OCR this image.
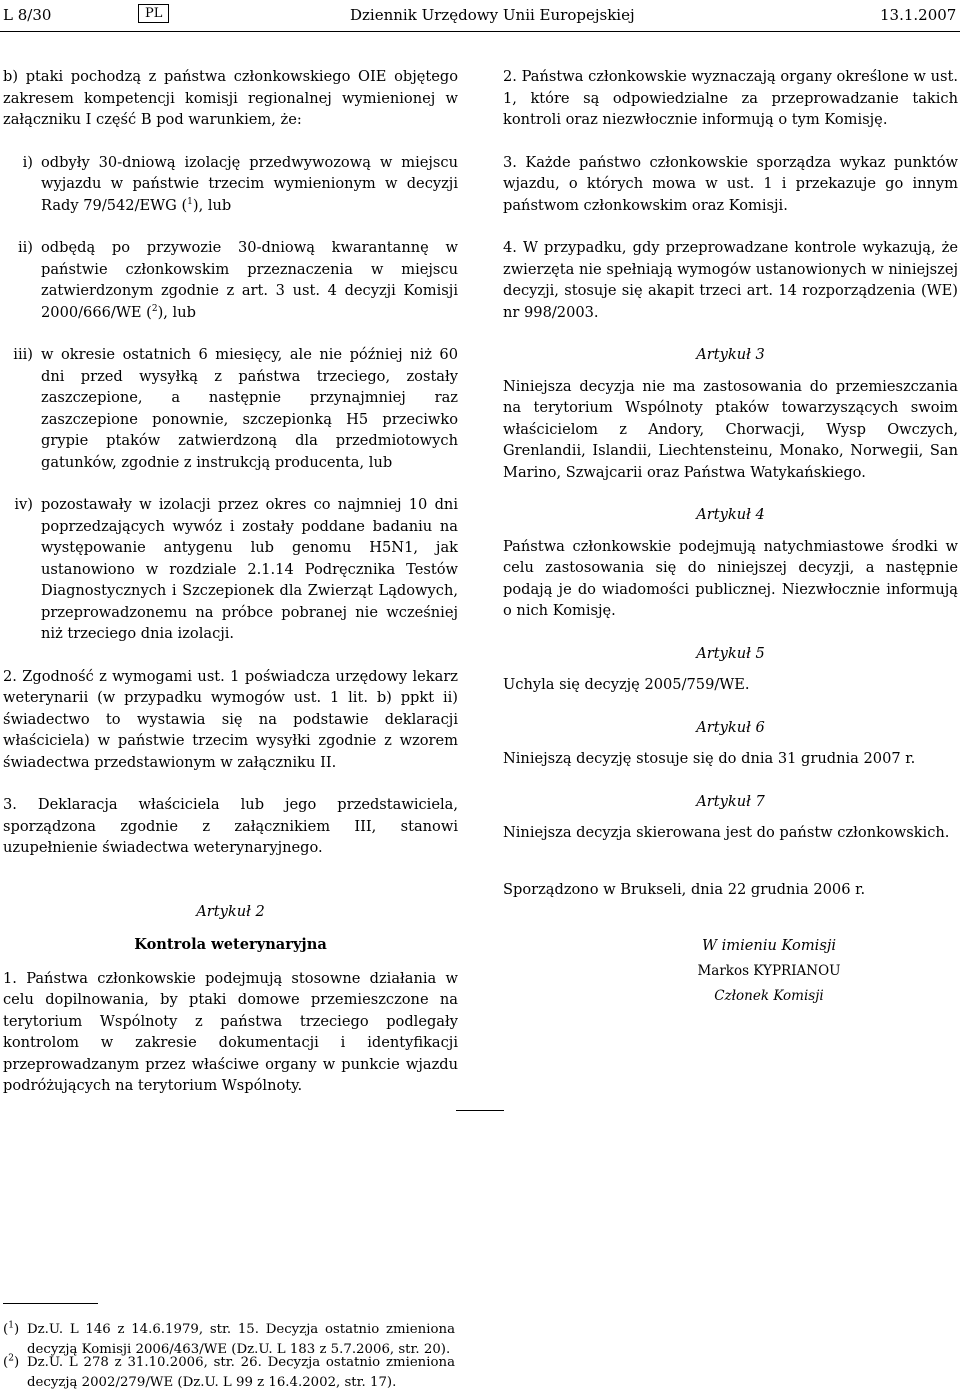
L 8/30	PL	Dziennik Urzędowy Unii Europejskiej	13.1.2007

b) ptaki pochodzą z państwa członkowskiego OIE objętego zakresem kompetencji komisji regionalnej wymienionej w załączniku I część B pod warunkiem, że:

i) odbyły 30-dniową izolację przedwywozową w miejscu wyjazdu w państwie trzecim wymienionym w decyzji Rady 79/542/EWG ($^1$), lub
ii) odbędą po przywozie 30-dniową kwarantannę w państwie członkowskim przeznaczenia w miejscu zatwierdzonym zgodnie z art. 3 ust. 4 decyzji Komisji 2000/666/WE ($^2$), lub
iii) w okresie ostatnich 6 miesięcy, ale nie później niż 60 dni przed wysyłką z państwa trzeciego, zostały zaszczepione, a następnie przynajmniej raz zaszczepione ponownie, szczepionką H5 przeciwko grypie ptaków zatwierdzoną dla przedmiotowych gatunków, zgodnie z instrukcją producenta, lub
iv) pozostawały w izolacji przez okres co najmniej 10 dni poprzedzających wywóz i zostały poddane badaniu na występowanie antygenu lub genomu H5N1, jak ustanowiono w rozdziale 2.1.14 Podręcznika Testów Diagnostycznych i Szczepionek dla Zwierząt Lądowych, przeprowadzonemu na próbce pobranej nie wcześniej niż trzeciego dnia izolacji.

2. Zgodność z wymogami ust. 1 poświadcza urzędowy lekarz weterynarii (w przypadku wymogów ust. 1 lit. b) ppkt ii) świadectwo to wystawia się na podstawie deklaracji właściciela) w państwie trzecim wysyłki zgodnie z wzorem świadectwa przedstawionym w załączniku II.

3. Deklaracja właściciela lub jego przedstawiciela, sporządzona zgodnie z załącznikiem III, stanowi uzupełnienie świadectwa weterynaryjnego.

Artykuł 2

Kontrola weterynaryjna

1. Państwa członkowskie podejmują stosowne działania w celu dopilnowania, by ptaki domowe przemieszczone na terytorium Wspólnoty z państwa trzeciego podlegały kontrolom w zakresie dokumentacji i identyfikacji przeprowadzanym przez właściwe organy w punkcie wjazdu podróżujących na terytorium Wspólnoty.

2. Państwa członkowskie wyznaczają organy określone w ust. 1, które są odpowiedzialne za przeprowadzanie takich kontroli oraz niezwłocznie informują o tym Komisję.

3. Każde państwo członkowskie sporządza wykaz punktów wjazdu, o których mowa w ust. 1 i przekazuje go innym państwom członkowskim oraz Komisji.

4. W przypadku, gdy przeprowadzane kontrole wykazują, że zwierzęta nie spełniają wymogów ustanowionych w niniejszej decyzji, stosuje się akapit trzeci art. 14 rozporządzenia (WE) nr 998/2003.

Artykuł 3

Niniejsza decyzja nie ma zastosowania do przemieszczania na terytorium Wspólnoty ptaków towarzyszących swoim właścicielom z Andory, Chorwacji, Wysp Owczych, Grenlandii, Islandii, Liechtensteinu, Monako, Norwegii, San Marino, Szwajcarii oraz Państwa Watykańskiego.

Artykuł 4

Państwa członkowskie podejmują natychmiastowe środki w celu zastosowania się do niniejszej decyzji, a następnie podają je do wiadomości publicznej. Niezwłocznie informują o nich Komisję.

Artykuł 5

Uchyla się decyzję 2005/759/WE.

Artykuł 6

Niniejszą decyzję stosuje się do dnia 31 grudnia 2007 r.

Artykuł 7

Niniejsza decyzja skierowana jest do państw członkowskich.

Sporządzono w Brukseli, dnia 22 grudnia 2006 r.

W imieniu Komisji

Markos KYPRIANOU

Członek Komisji

($^1$) Dz.U. L 146 z 14.6.1979, str. 15. Decyzja ostatnio zmieniona decyzją Komisji 2006/463/WE (Dz.U. L 183 z 5.7.2006, str. 20).
($^2$) Dz.U. L 278 z 31.10.2006, str. 26. Decyzja ostatnio zmieniona decyzją 2002/279/WE (Dz.U. L 99 z 16.4.2002, str. 17).
